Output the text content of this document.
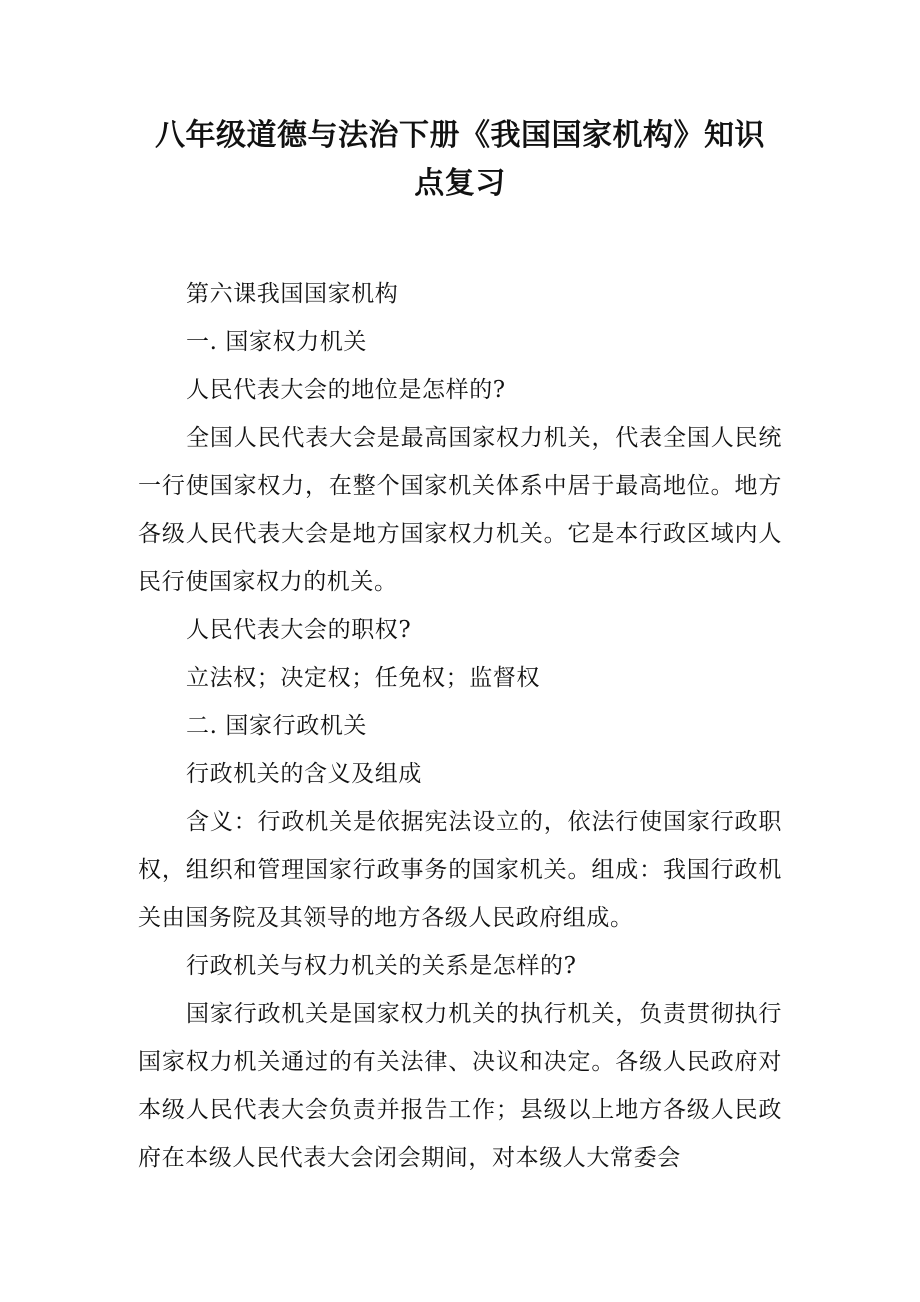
八年级道德与法治下册《我国国家机构》知识点复习

第六课我国国家机构

一. 国家权力机关

人民代表大会的地位是怎样的?

全国人民代表大会是最高国家权力机关，代表全国人民统一行使国家权力，在整个国家机关体系中居于最高地位。地方各级人民代表大会是地方国家权力机关。它是本行政区域内人民行使国家权力的机关。

人民代表大会的职权?

立法权；决定权；任免权；监督权

二. 国家行政机关

行政机关的含义及组成

含义：行政机关是依据宪法设立的，依法行使国家行政职权，组织和管理国家行政事务的国家机关。组成：我国行政机关由国务院及其领导的地方各级人民政府组成。

行政机关与权力机关的关系是怎样的?

国家行政机关是国家权力机关的执行机关，负责贯彻执行国家权力机关通过的有关法律、决议和决定。各级人民政府对本级人民代表大会负责并报告工作；县级以上地方各级人民政府在本级人民代表大会闭会期间，对本级人大常委会
